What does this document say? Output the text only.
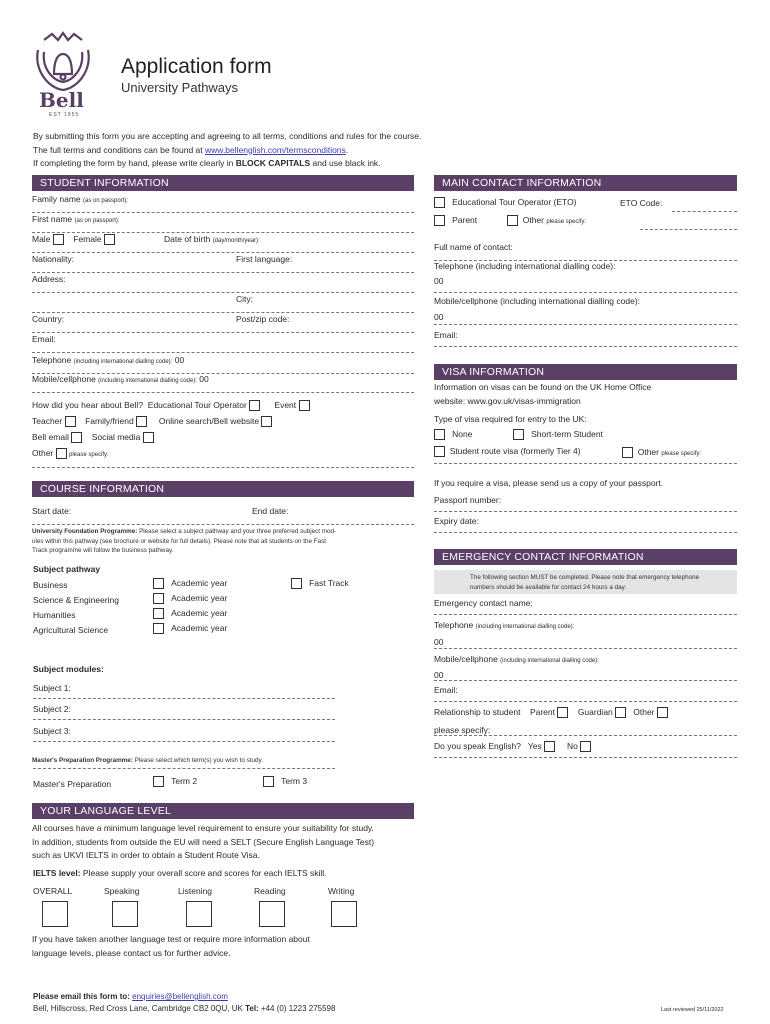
Bell
EST 1955
Application form
University Pathways
By submitting this form you are accepting and agreeing to all terms, conditions and rules for the course.
The full terms and conditions can be found at www.bellenglish.com/termsconditions.
If completing the form by hand, please write clearly in BLOCK CAPITALS and use black ink.
STUDENT INFORMATION
Family name (as on passport):
First name (as on passport):
Male	Female	Date of birth (day/month/year):
Nationality:	First language:
Address:
City:
Country:	Post/zip code:
Email:
Telephone (including international dialling code): 00
Mobile/cellphone (including international dialling code): 00
How did you hear about Bell? Educational Tour Operator	Event
Teacher	Family/friend	Online search/Bell website
Bell email	Social media
Other	please specify:
COURSE INFORMATION
Start date:	End date:
University Foundation Programme: Please select a subject pathway and your three preferred subject mod-
ules within this pathway (see brochure or website for full details). Please note that all students on the Fast
Track programme will follow the business pathway.
Subject pathway
Business	Academic year	Fast Track
Science & Engineering	Academic year
Humanities	Academic year
Agricultural Science	Academic year
Subject modules:
Subject 1:
Subject 2:
Subject 3:
Master's Preparation Programme: Please select which term(s) you wish to study.
Master's Preparation	Term 2	Term 3
YOUR LANGUAGE LEVEL
All courses have a minimum language level requirement to ensure your suitability for study.
In addition, students from outside the EU will need a SELT (Secure English Language Test)
such as UKVI IELTS in order to obtain a Student Route Visa.
IELTS level: Please supply your overall score and scores for each IELTS skill.
OVERALL	Speaking	Listening	Reading	Writing
If you have taken another language test or require more information about
language levels, please contact us for further advice.
MAIN CONTACT INFORMATION
Educational Tour Operator (ETO)	ETO Code:
Parent	Other please specify:
Full name of contact:
Telephone (including international dialling code):
00
Mobile/cellphone (including international dialling code):
00
Email:
VISA INFORMATION
Information on visas can be found on the UK Home Office
website: www.gov.uk/visas-immigration
Type of visa required for entry to the UK:
None	Short-term Student
Student route visa (formerly Tier 4)	Other please specify:
If you require a visa, please send us a copy of your passport.
Passport number:
Expiry date:
EMERGENCY CONTACT INFORMATION
The following section MUST be completed. Please note that emergency telephone
numbers should be available for contact 24 hours a day.
Emergency contact name:
Telephone (including international dialling code):
00
Mobile/cellphone (including international dialling code):
00
Email:
Relationship to student Parent	Guardian Other
please specify:
Do you speak English? Yes	No
Please email this form to: enquiries@bellenglish.com
Bell, Hillscross, Red Cross Lane, Cambridge CB2 0QU, UK Tel: +44 (0) 1223 275598	Last reviewed 25/11/2022
